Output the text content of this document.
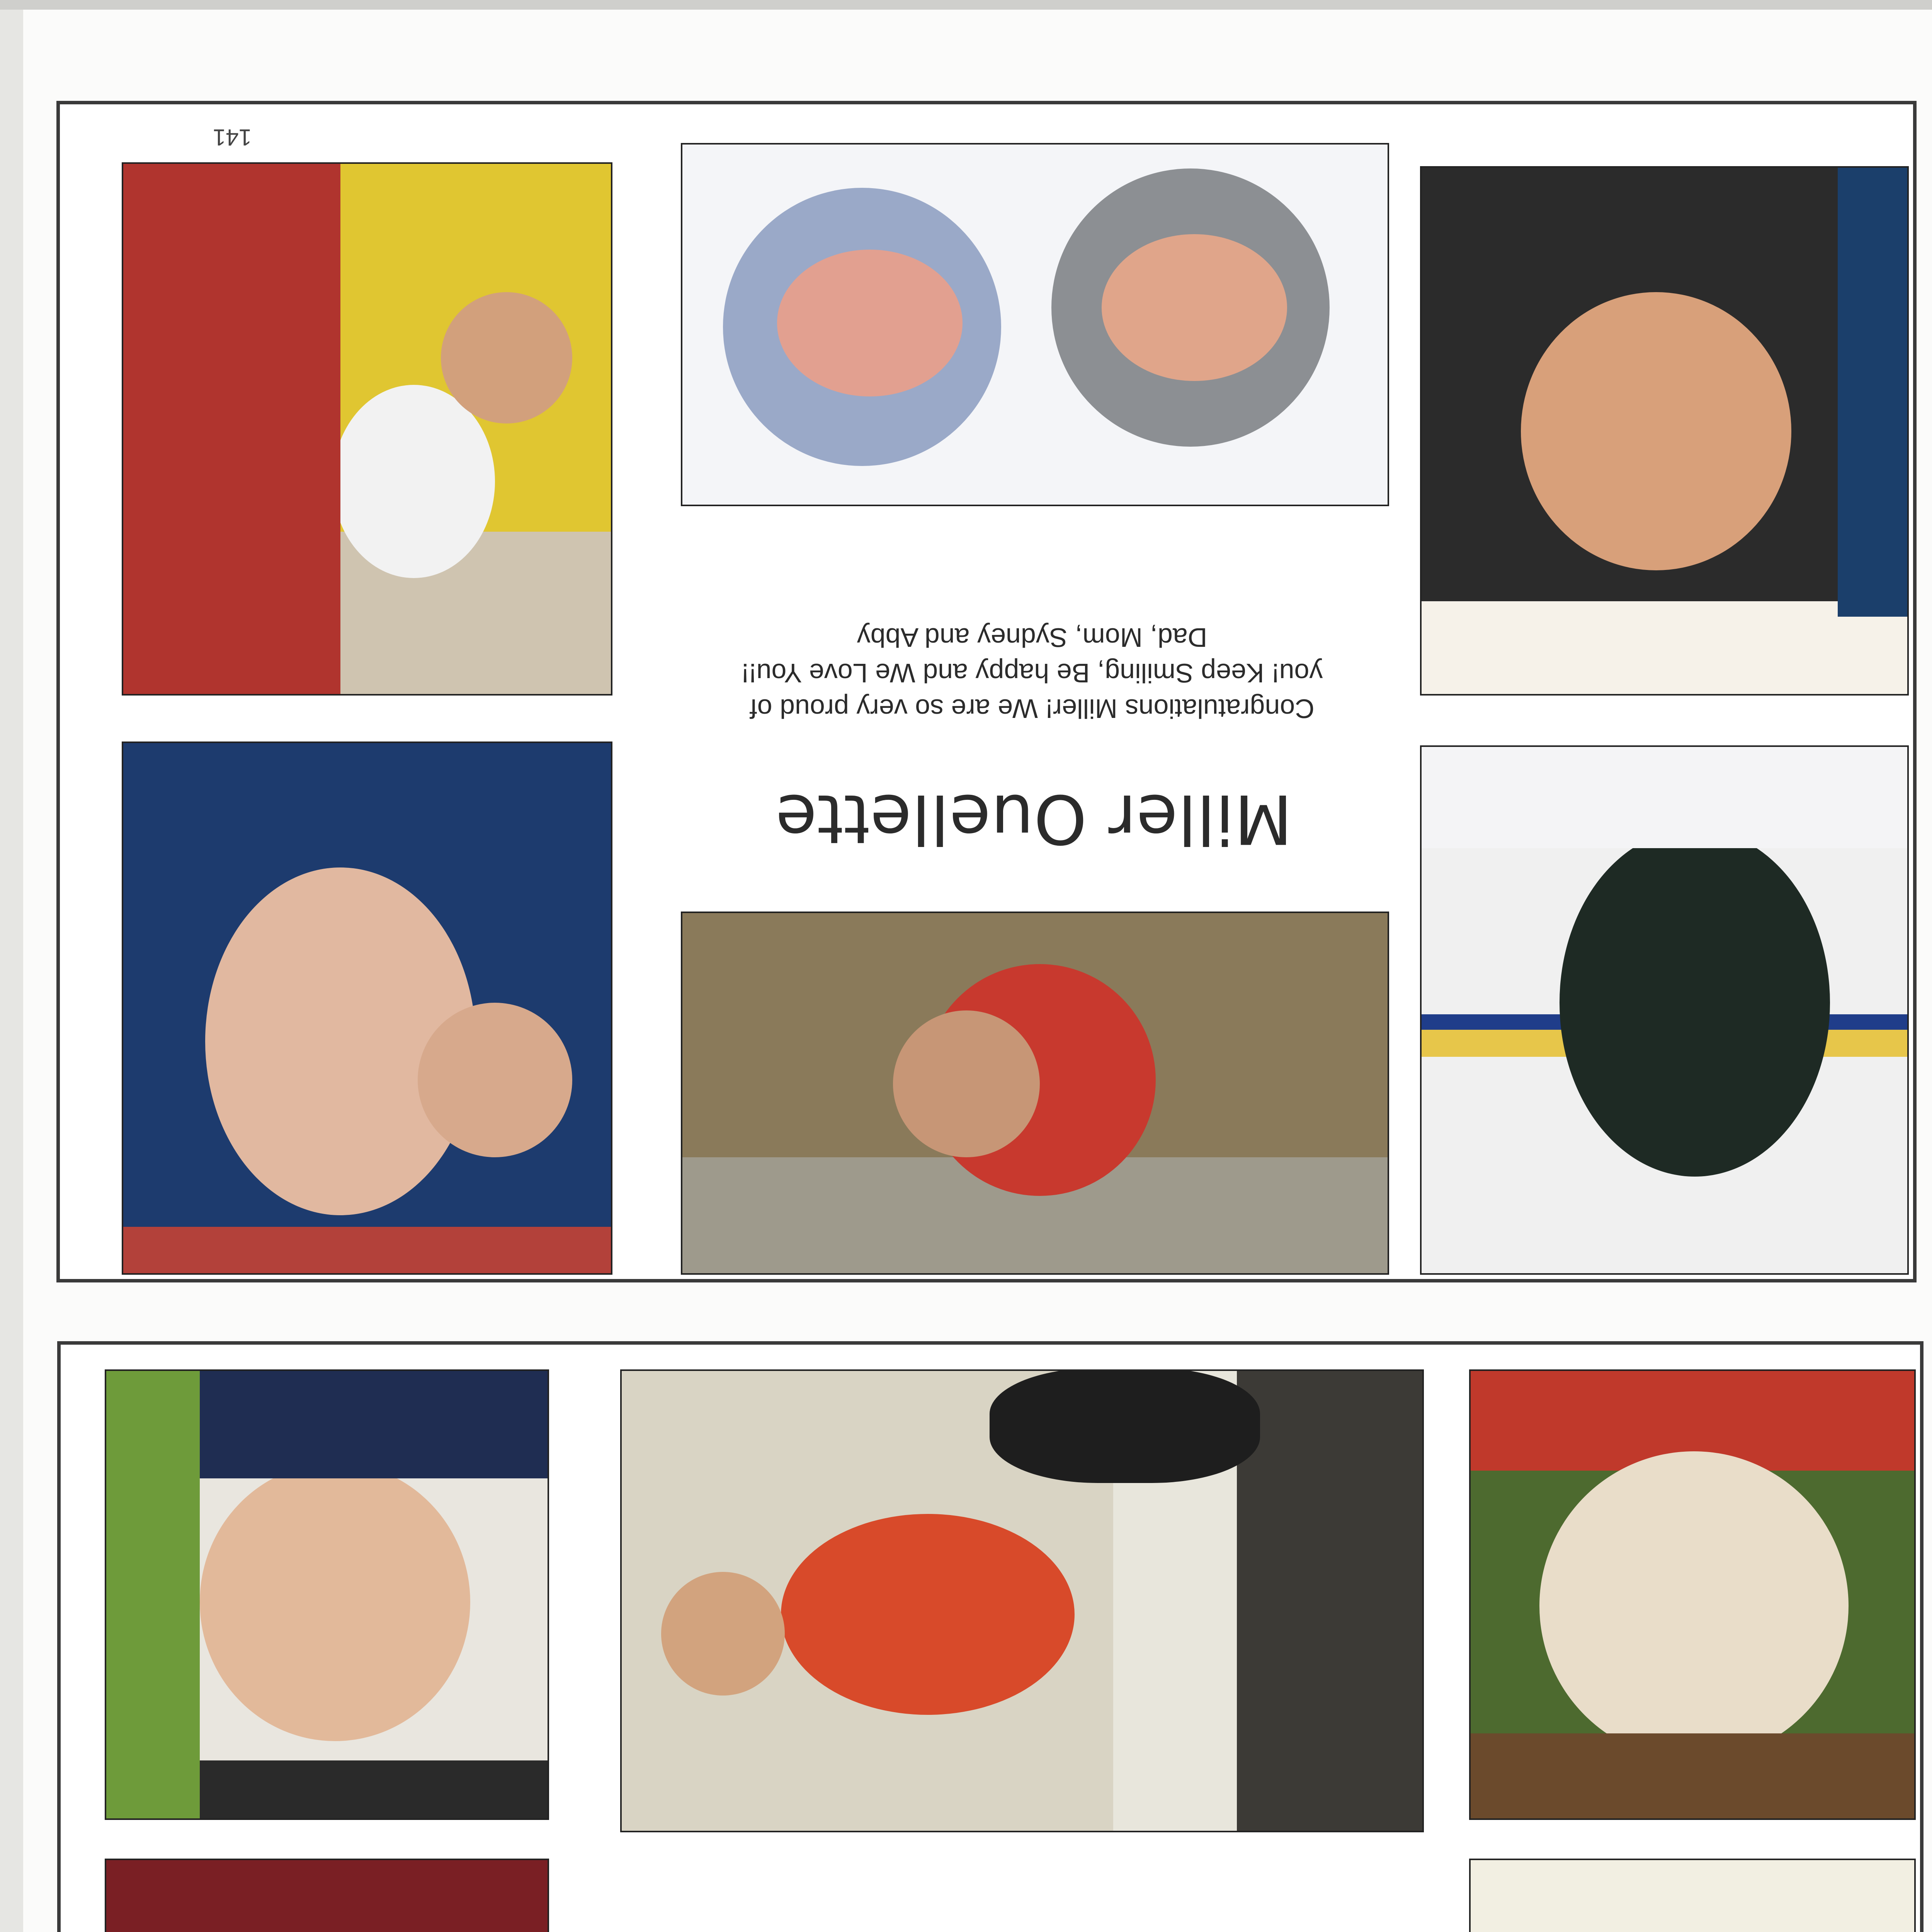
141
Miller Ouellette
Congratulations Miller! We are so very proud of you! Keep Smiling, Be happy and We Love You!! Dad, Mom, Sydney and Abby
